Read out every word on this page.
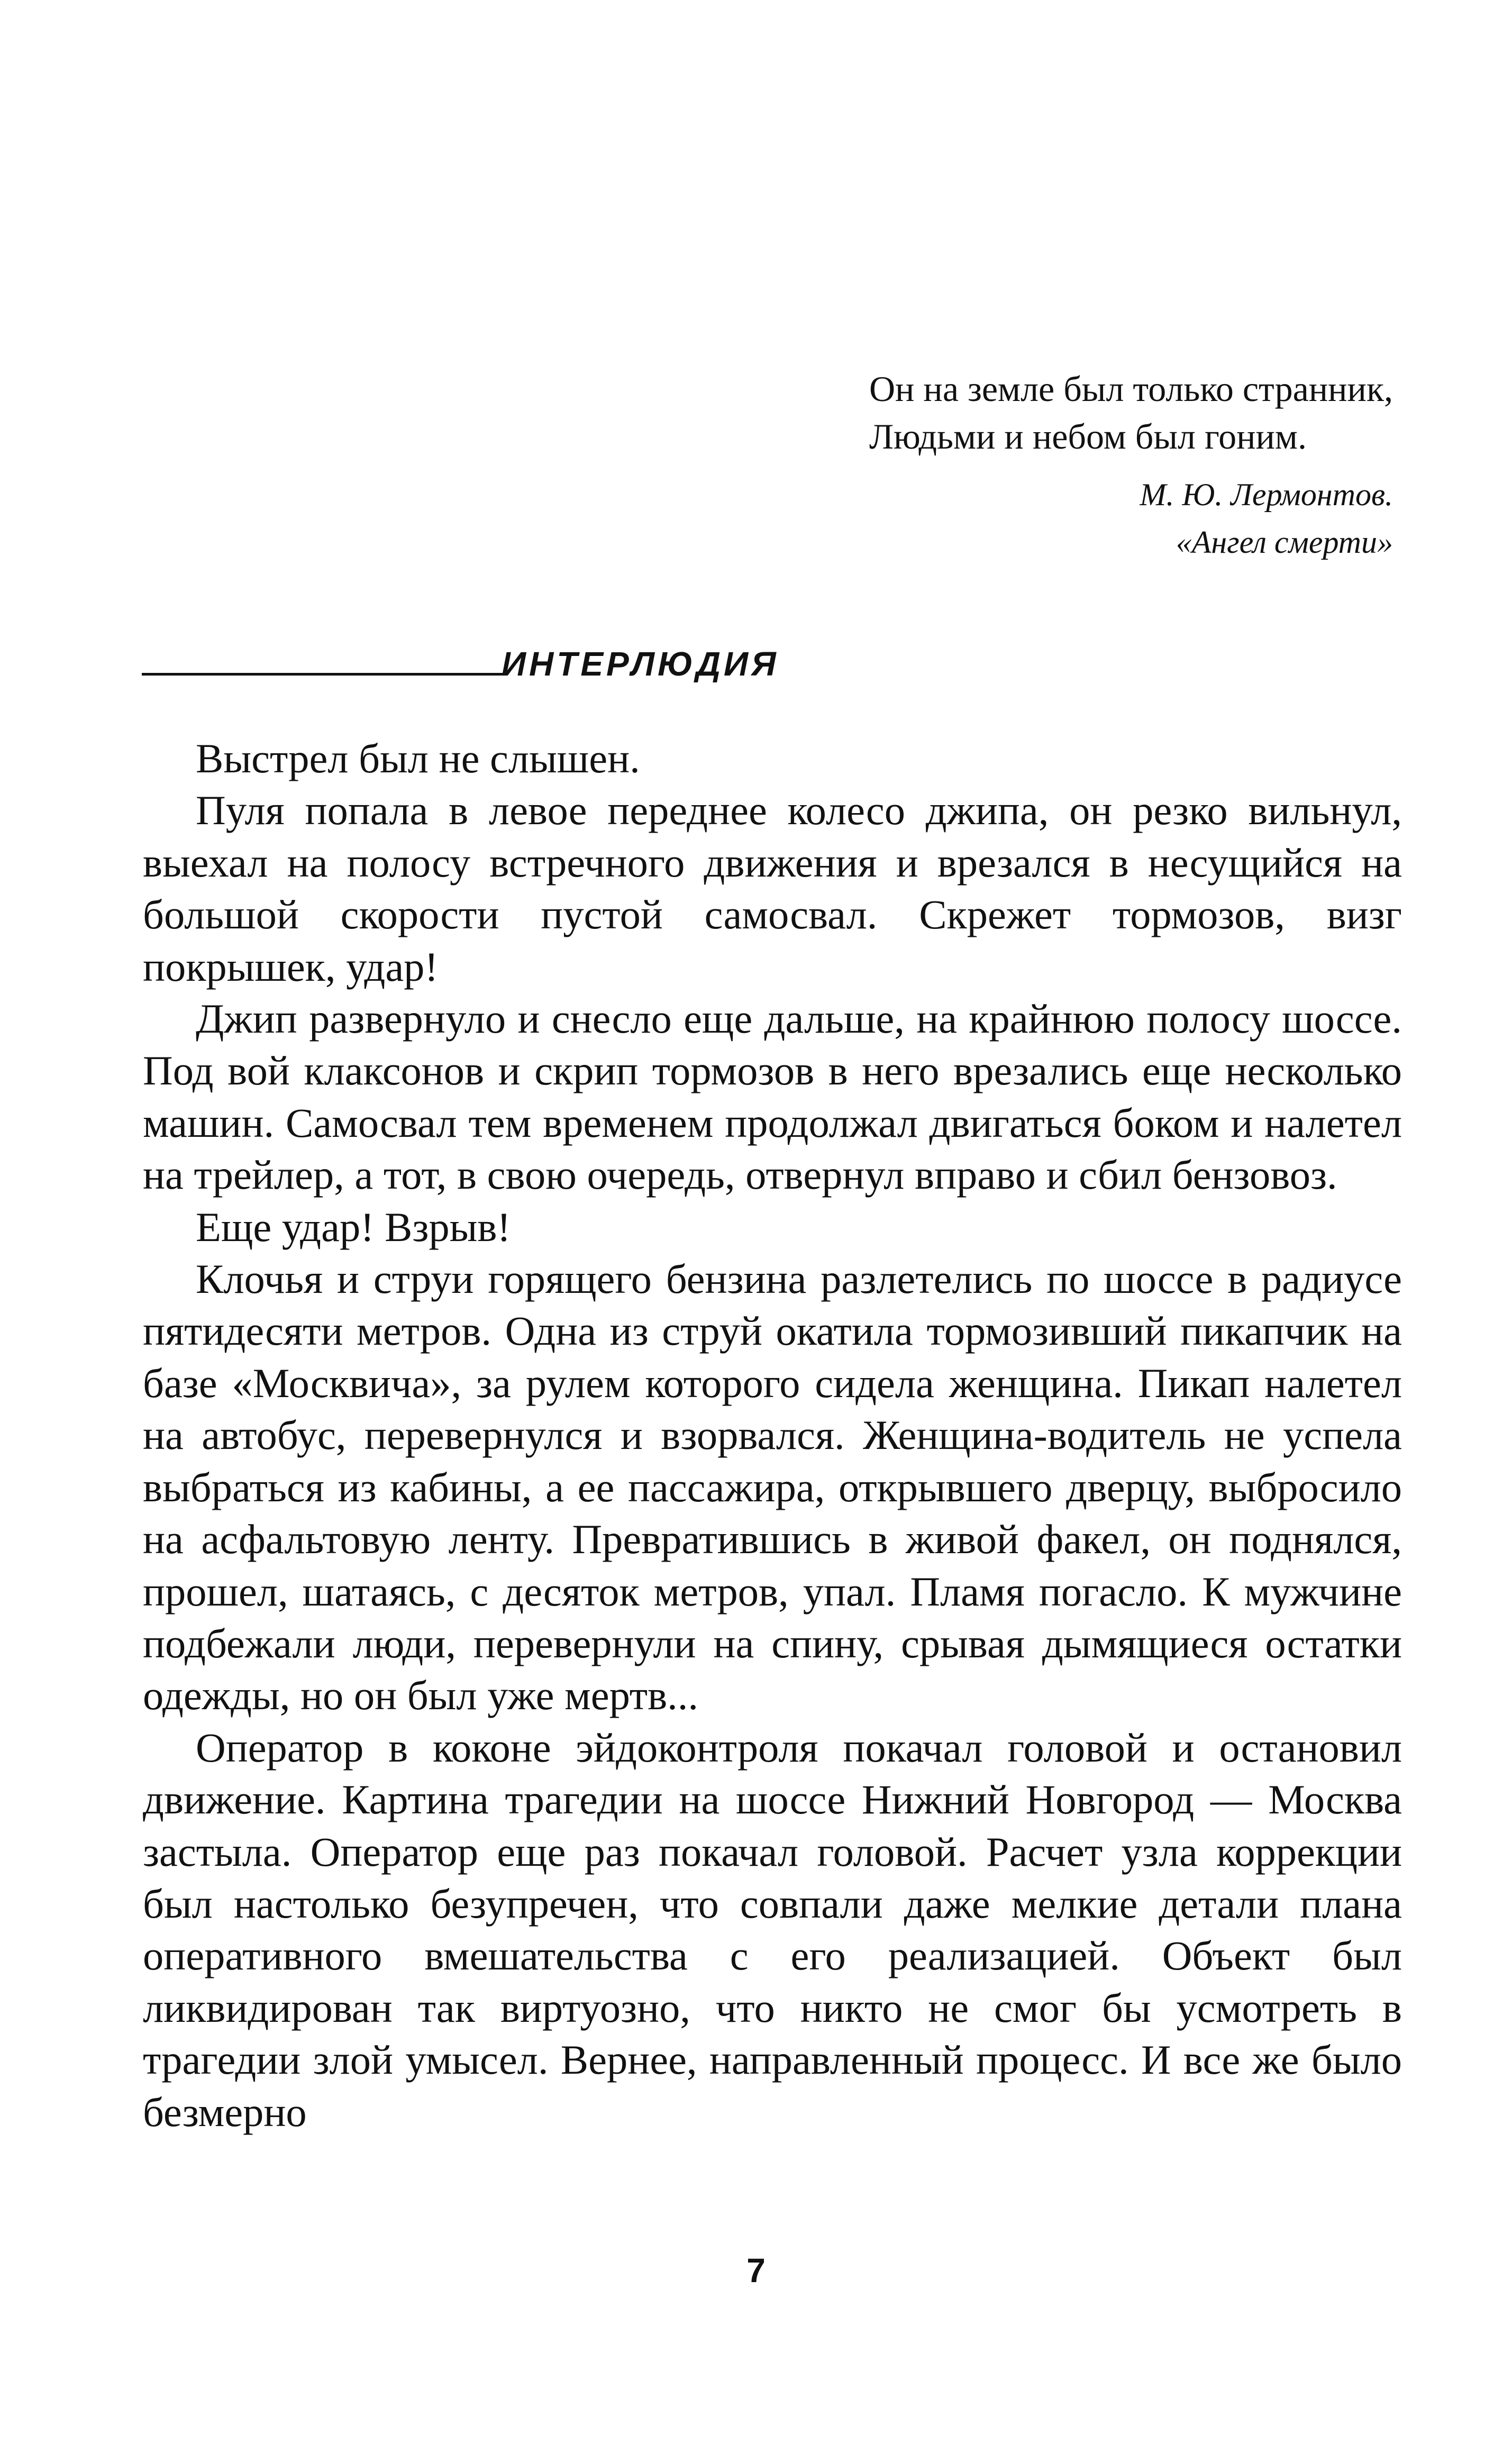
Он на земле был только странник,
Людьми и небом был гоним.
М. Ю. Лермонтов.
«Ангел смерти»
ИНТЕРЛЮДИЯ

Выстрел был не слышен.

Пуля попала в левое переднее колесо джипа, он резко вильнул, выехал на полосу встречного движения и врезался в несущийся на большой скорости пустой самосвал. Скрежет тормозов, визг покрышек, удар!

Джип развернуло и снесло еще дальше, на крайнюю полосу шоссе. Под вой клаксонов и скрип тормозов в него врезались еще несколько машин. Самосвал тем временем продолжал двигаться боком и налетел на трейлер, а тот, в свою очередь, отвернул вправо и сбил бензовоз.

Еще удар! Взрыв!

Клочья и струи горящего бензина разлетелись по шоссе в радиусе пятидесяти метров. Одна из струй окатила тормозивший пикапчик на базе «Москвича», за рулем которого сидела женщина. Пикап налетел на автобус, перевернулся и взорвался. Женщина-водитель не успела выбраться из кабины, а ее пассажира, открывшего дверцу, выбросило на асфальтовую ленту. Превратившись в живой факел, он поднялся, прошел, шатаясь, с десяток метров, упал. Пламя погасло. К мужчине подбежали люди, перевернули на спину, срывая дымящиеся остатки одежды, но он был уже мертв...

Оператор в коконе эйдоконтроля покачал головой и остановил движение. Картина трагедии на шоссе Нижний Новгород — Москва застыла. Оператор еще раз покачал головой. Расчет узла коррекции был настолько безупречен, что совпали даже мелкие детали плана оперативного вмешательства с его реализацией. Объект был ликвидирован так виртуозно, что никто не смог бы усмотреть в трагедии злой умысел. Вернее, направленный процесс. И все же было безмерно

7
